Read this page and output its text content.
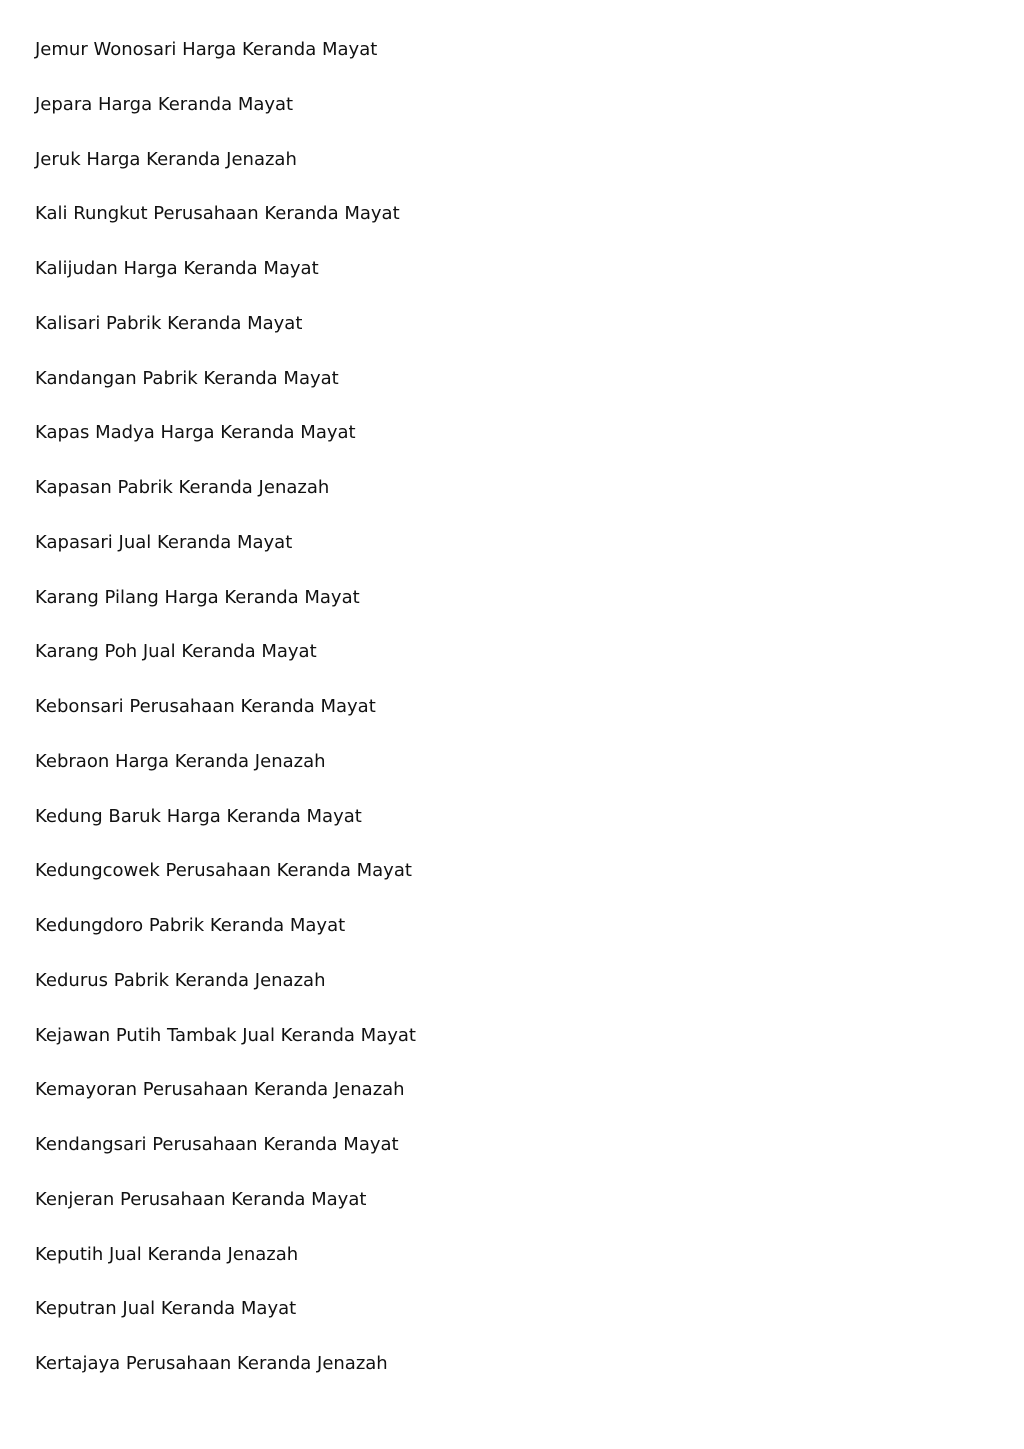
Jemur Wonosari Harga Keranda Mayat
Jepara Harga Keranda Mayat
Jeruk Harga Keranda Jenazah
Kali Rungkut Perusahaan Keranda Mayat
Kalijudan Harga Keranda Mayat
Kalisari Pabrik Keranda Mayat
Kandangan Pabrik Keranda Mayat
Kapas Madya Harga Keranda Mayat
Kapasan Pabrik Keranda Jenazah
Kapasari Jual Keranda Mayat
Karang Pilang Harga Keranda Mayat
Karang Poh Jual Keranda Mayat
Kebonsari Perusahaan Keranda Mayat
Kebraon Harga Keranda Jenazah
Kedung Baruk Harga Keranda Mayat
Kedungcowek Perusahaan Keranda Mayat
Kedungdoro Pabrik Keranda Mayat
Kedurus Pabrik Keranda Jenazah
Kejawan Putih Tambak Jual Keranda Mayat
Kemayoran Perusahaan Keranda Jenazah
Kendangsari Perusahaan Keranda Mayat
Kenjeran Perusahaan Keranda Mayat
Keputih Jual Keranda Jenazah
Keputran Jual Keranda Mayat
Kertajaya Perusahaan Keranda Jenazah
